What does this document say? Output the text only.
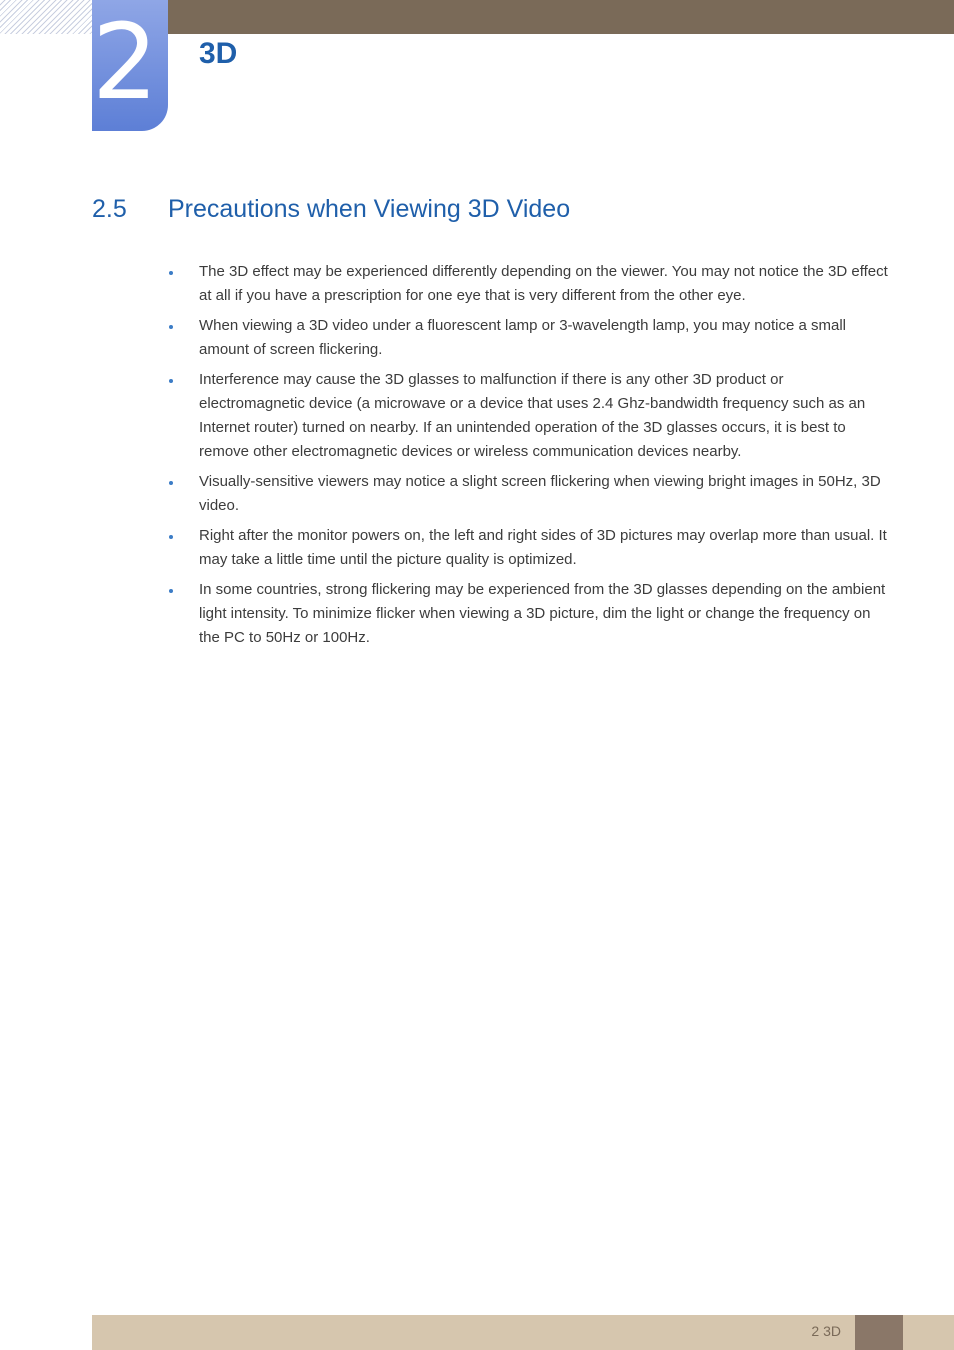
2 3D
2.5 Precautions when Viewing 3D Video
The 3D effect may be experienced differently depending on the viewer. You may not notice the 3D effect at all if you have a prescription for one eye that is very different from the other eye.
When viewing a 3D video under a fluorescent lamp or 3-wavelength lamp, you may notice a small amount of screen flickering.
Interference may cause the 3D glasses to malfunction if there is any other 3D product or electromagnetic device (a microwave or a device that uses 2.4 Ghz-bandwidth frequency such as an Internet router) turned on nearby. If an unintended operation of the 3D glasses occurs, it is best to remove other electromagnetic devices or wireless communication devices nearby.
Visually-sensitive viewers may notice a slight screen flickering when viewing bright images in 50Hz, 3D video.
Right after the monitor powers on, the left and right sides of 3D pictures may overlap more than usual. It may take a little time until the picture quality is optimized.
In some countries, strong flickering may be experienced from the 3D glasses depending on the ambient light intensity. To minimize flicker when viewing a 3D picture, dim the light or change the frequency on the PC to 50Hz or 100Hz.
2 3D
